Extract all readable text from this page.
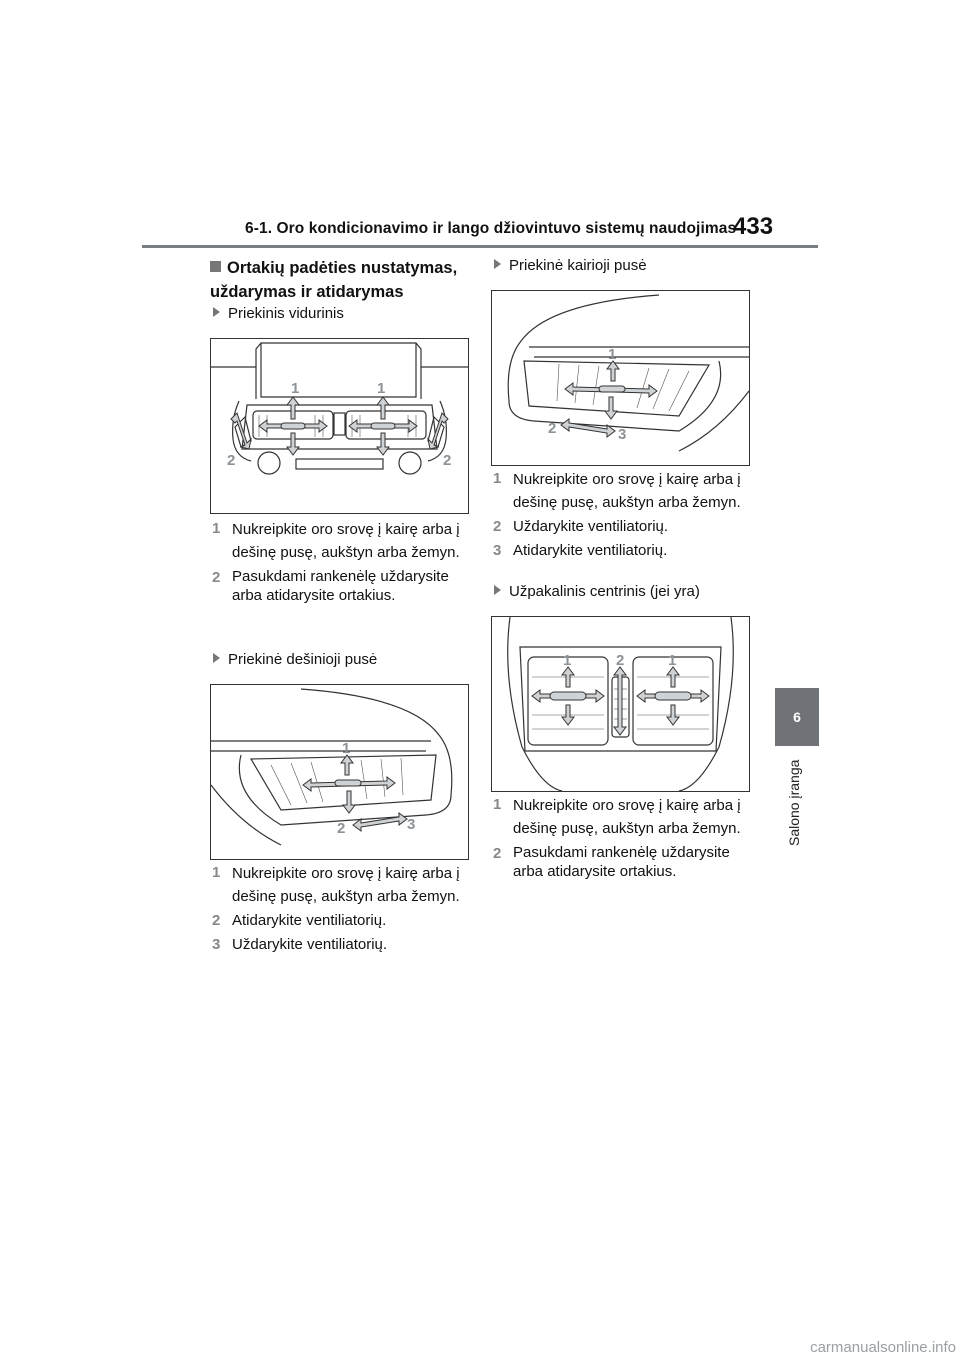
6-1. Oro kondicionavimo ir lango džiovintuvo sistemų naudojimas
433
6
Salono įranga
Ortakių padėties nustatymas, uždarymas ir atidarymas
Priekinis vidurinis
1	1
2	2
1 Nukreipkite oro srovę į kairę arba į dešinę pusę, aukštyn arba žemyn.
2 Pasukdami rankenėlę uždarysite arba atidarysite ortakius.
Priekinė dešinioji pusė
1
2	3
1 Nukreipkite oro srovę į kairę arba į dešinę pusę, aukštyn arba žemyn.
2 Atidarykite ventiliatorių.
3 Uždarykite ventiliatorių.
Priekinė kairioji pusė
1
2	3
1 Nukreipkite oro srovę į kairę arba į dešinę pusę, aukštyn arba žemyn.
2 Uždarykite ventiliatorių.
3 Atidarykite ventiliatorių.
Užpakalinis centrinis (jei yra)
1	2	1
1 Nukreipkite oro srovę į kairę arba į dešinę pusę, aukštyn arba žemyn.
2 Pasukdami rankenėlę uždarysite arba atidarysite ortakius.
carmanualsonline.info
